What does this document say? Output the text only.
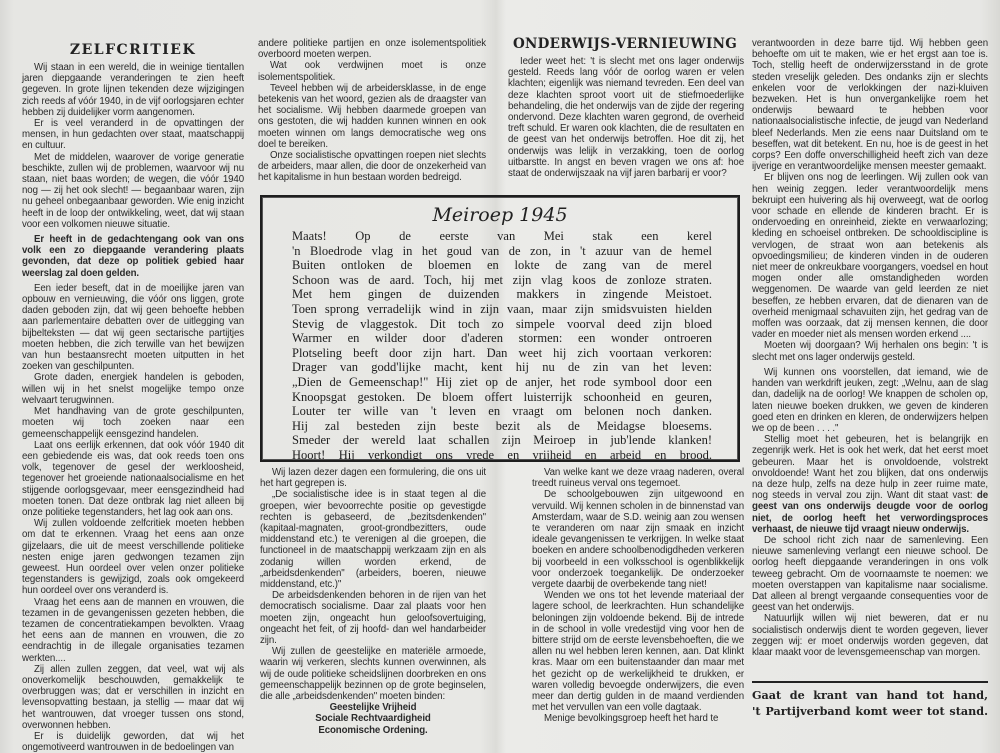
ZELFCRITIEK

Wij staan in een wereld, die in weinige tientallen jaren diepgaande veranderingen te zien heeft gegeven. In grote lijnen tekenden deze wijzigingen zich reeds af vóór 1940, in de vijf oorlogsjaren echter hebben zij duidelijker vorm aangenomen.

Er is veel veranderd in de opvattingen der mensen, in hun gedachten over staat, maatschappij en cultuur.

Met de middelen, waarover de vorige generatie beschikte, zullen wij de problemen, waarvoor wij nu staan, niet baas worden; de wegen, die vóór 1940 nog — zij het ook slecht! — begaanbaar waren, zijn nu geheel onbegaanbaar geworden. Wie enig inzicht heeft in de loop der ontwikkeling, weet, dat wij staan voor een volkomen nieuwe situatie.

Er heeft in de gedachtengang ook van ons volk een zo diepgaande verandering plaats gevonden, dat deze op politiek gebied haar weerslag zal doen gelden.

Een ieder beseft, dat in de moeilijke jaren van opbouw en vernieuwing, die vóór ons liggen, grote daden geboden zijn, dat wij geen behoefte hebben aan parlementaire debatten over de uitlegging van bijbelteksten — dat wij geen sectarische partijtjes moeten hebben, die zich terwille van het bewijzen van hun bestaansrecht moeten uitputten in het zoeken van geschilpunten.

Grote daden, energiek handelen is geboden, willen wij in het snelst mogelijke tempo onze welvaart terugwinnen.

Met handhaving van de grote geschilpunten, moeten wij toch zoeken naar een gemeenschappelijk eensgezind handelen.

Laat ons eerlijk erkennen, dat ook vóór 1940 dit een gebiedende eis was, dat ook reeds toen ons volk, tegenover de gesel der werkloosheid, tegenover het groeiende nationaalsocialisme en het stijgende oorlogsgevaar, meer eensgezindheid had moeten tonen. Dat deze ontbrak lag niet alleen bij onze politieke tegenstanders, het lag ook aan ons.

Wij zullen voldoende zelfcritiek moeten hebben om dat te erkennen. Vraag het eens aan onze gijzelaars, die uit de meest verschillende politieke nesten enige jaren gedwongen tezamen zijn geweest. Hun oordeel over velen onzer politieke tegenstanders is gewijzigd, zoals ook omgekeerd hun oordeel over ons veranderd is.

Vraag het eens aan de mannen en vrouwen, die tezamen in de gevangenissen gezeten hebben, die tezamen de concentratiekampen bevolkten. Vraag het eens aan de mannen en vrouwen, die zo eendrachtig in de illegale organisaties tezamen werkten....

Zij allen zullen zeggen, dat veel, wat wij als onoverkomelijk beschouwden, gemakkelijk te overbruggen was; dat er verschillen in inzicht en levensopvatting bestaan, ja stellig — maar dat wij het wantrouwen, dat vroeger tussen ons stond, overwonnen hebben.

Er is duidelijk geworden, dat wij het ongemotiveerd wantrouwen in de bedoelingen van

andere politieke partijen en onze isolementspolitiek overboord moeten werpen.

Wat ook verdwijnen moet is onze isolementspolitiek.

Teveel hebben wij de arbeidersklasse, in de enge betekenis van het woord, gezien als de draagster van het socialisme. Wij hebben daarmede groepen van ons gestoten, die wij hadden kunnen winnen en ook moeten winnen om langs democratische weg ons doel te bereiken.

Onze socialistische opvattingen roepen niet slechts de arbeiders, maar allen, die door de onzekerheid van het kapitalisme in hun bestaan worden bedreigd.

Meiroep 1945
Maats! Op de eerste van Mei stak een kerel
'n Bloedrode vlag in het goud van de zon, in 't azuur van de hemel
Buiten ontloken de bloemen en lokte de zang van de merel
Schoon was de aard. Toch, hij met zijn vlag koos de zonloze straten.
Met hem gingen de duizenden makkers in zingende Meistoet.
Toen sprong verradelijk wind in zijn vaan, maar zijn smidsvuisten hielden
Stevig de vlaggestok. Dit toch zo simpele voorval deed zijn bloed
Warmer en wilder door d'aderen stormen: een wonder ontroeren
Plotseling beeft door zijn hart. Dan weet hij zich voortaan verkoren:
Drager van godd'lijke macht, kent hij nu de zin van het leven:
„Dien de Gemeenschap!" Hij ziet op de anjer, het rode symbool door een
Knoopsgat gestoken. De bloem offert luisterrijk schoonheid en geuren,
Louter ter wille van 't leven en vraagt om belonen noch danken.
Hij zal besteden zijn beste bezit als de Meidagse bloesems.
Smeder der wereld laat schallen zijn Meiroep in jub'lende klanken!
Hoort! Hij verkondigt ons vrede en vrijheid en arbeid en brood.

Wij lazen dezer dagen een formulering, die ons uit het hart gegrepen is.

„De socialistische idee is in staat tegen al die groepen, wier bevoorrechte positie op gevestigde rechten is gebaseerd, de „bezitsdenkenden" (kapitaal-magnaten, groot-grondbezitters, oude middenstand etc.) te verenigen al die groepen, die functioneel in de maatschappij werkzaam zijn en als zodanig willen worden erkend, de „arbeidsdenkenden" (arbeiders, boeren, nieuwe middenstand, etc.)"

De arbeidsdenkenden behoren in de rijen van het democratisch socialisme. Daar zal plaats voor hen moeten zijn, ongeacht hun geloofsovertuiging, ongeacht het feit, of zij hoofd- dan wel handarbeider zijn.

Wij zullen de geestelijke en materiële armoede, waarin wij verkeren, slechts kunnen overwinnen, als wij de oude politieke scheidslijnen doorbreken en ons gemeenschappelijk bezinnen op de grote beginselen, die alle „arbeidsdenkenden" moeten binden:

Geestelijke Vrijheid

Sociale Rechtvaardigheid

Economische Ordening.

ONDERWIJS-VERNIEUWING

Ieder weet het: 't is slecht met ons lager onderwijs gesteld. Reeds lang vóór de oorlog waren er velen klachten; eigenlijk was niemand tevreden. Een deel van deze klachten sproot voort uit de stiefmoederlijke behandeling, die het onderwijs van de zijde der regering ondervond. Deze klachten waren gegrond, de overheid treft schuld. Er waren ook klachten, die de resultaten en de geest van het onderwijs betroffen. Hoe dit zij, het onderwijs was lelijk in verzakking, toen de oorlog uitbarstte. In angst en beven vragen we ons af: hoe staat de onderwijszaak na vijf jaren barbarij er voor?

Van welke kant we deze vraag naderen, overal treedt ruineus verval ons tegemoet.

De schoolgebouwen zijn uitgewoond en vervuild. Wij kennen scholen in de binnenstad van Amsterdam, waar de S.D. weinig aan zou wensen te veranderen om naar zijn smaak en inzicht ideale gevangenissen te verkrijgen. In welke staat boeken en andere schoolbenodigdheden verkeren bij voorbeeld in een volksschool is ogenblikkelijk voor onderzoek toegankelijk. De onderzoeker vergete daarbij de overbekende tang niet!

Wenden we ons tot het levende materiaal der lagere school, de leerkrachten. Hun schandelijke beloningen zijn voldoende bekend. Bij de intrede in de school in volle vredestijd ving voor hen de bittere strijd om de eerste levensbehoeften, die we allen nu wel hebben leren kennen, aan. Dat klinkt kras. Maar om een buitenstaander dan maar met het gezicht op de werkelijkheid te drukken, er waren volledig bevoegde onderwijzers, die even meer dan dertig gulden in de maand verdienden met het vervullen van een volle dagtaak.

Menige bevolkingsgroep heeft het hard te

verantwoorden in deze barre tijd. Wij hebben geen behoefte om uit te maken, wie er het ergst aan toe is. Toch, stellig heeft de onderwijzersstand in de grote steden vreselijk geleden. Des ondanks zijn er slechts enkelen voor de verlokkingen der nazi-kluiven bezweken. Het is hun onvergankelijke roem het onderwijs bewaard te hebben voor nationaalsocialistische infectie, de jeugd van Nederland bleef Nederlands. Men zie eens naar Duitsland om te beseffen, wat dit betekent. En nu, hoe is de geest in het corps? Een doffe onverschilligheid heeft zich van deze ijverige en verantwoordelijke mensen meester gemaakt.

Er blijven ons nog de leerlingen. Wij zullen ook van hen weinig zeggen. Ieder verantwoordelijk mens bekruipt een huivering als hij overweegt, wat de oorlog voor schade en ellende de kinderen bracht. Er is ondervoeding en onreinheid, ziekte en verwaarlozing; kleding en schoeisel ontbreken. De schooldiscipline is vervlogen, de straat won aan betekenis als opvoedingsmilieu; de kinderen vinden in de ouderen niet meer de onkreukbare voorgangers, voedsel en hout mogen onder alle omstandigheden worden weggenomen. De waarde van geld leerden ze niet beseffen, ze hebben ervaren, dat de dienaren van de overheid menigmaal schavuiten zijn, het gedrag van de moffen was oorzaak, dat zij mensen kennen, die door vader en moeder niet als mensen worden erkend ....

Moeten wij doorgaan? Wij herhalen ons begin: 't is slecht met ons lager onderwijs gesteld.

Wij kunnen ons voorstellen, dat iemand, wie de handen van werkdrift jeuken, zegt: „Welnu, aan de slag dan, dadelijk na de oorlog! We knappen de scholen op, laten nieuwe boeken drukken, we geven de kinderen goed eten en drinken en kleren, de onderwijzers helpen we op de been . . . ."

Stellig moet het gebeuren, het is belangrijk en zegenrijk werk. Het is ook het werk, dat het eerst moet gebeuren. Maar het is onvoldoende, volstrekt onvoldoende! Want het zou blijken, dat ons onderwijs na deze hulp, zelfs na deze hulp in zeer ruime mate, nog steeds in verval zou zijn. Want dit staat vast: de geest van ons onderwijs deugde voor de oorlog niet, de oorlog heeft het verwordingsproces verhaast, de nieuwe tijd vraagt nieuw onderwijs.

De school richt zich naar de samenleving. Een nieuwe samenleving verlangt een nieuwe school. De oorlog heeft diepgaande veranderingen in ons volk teweeg gebracht. Om de voornaamste te noemen: we moeten overstappen van kapitalisme naar socialisme. Dat alleen al brengt vergaande consequenties voor de geest van het onderwijs.

Natuurlijk willen wij niet beweren, dat er nu socialistisch onderwijs dient te worden gegeven, liever zeggen wij: er moet onderwijs worden gegeven, dat klaar maakt voor de levensgemeenschap van morgen.

Gaat de krant van hand tot hand,
't Partijverband komt weer tot stand.
